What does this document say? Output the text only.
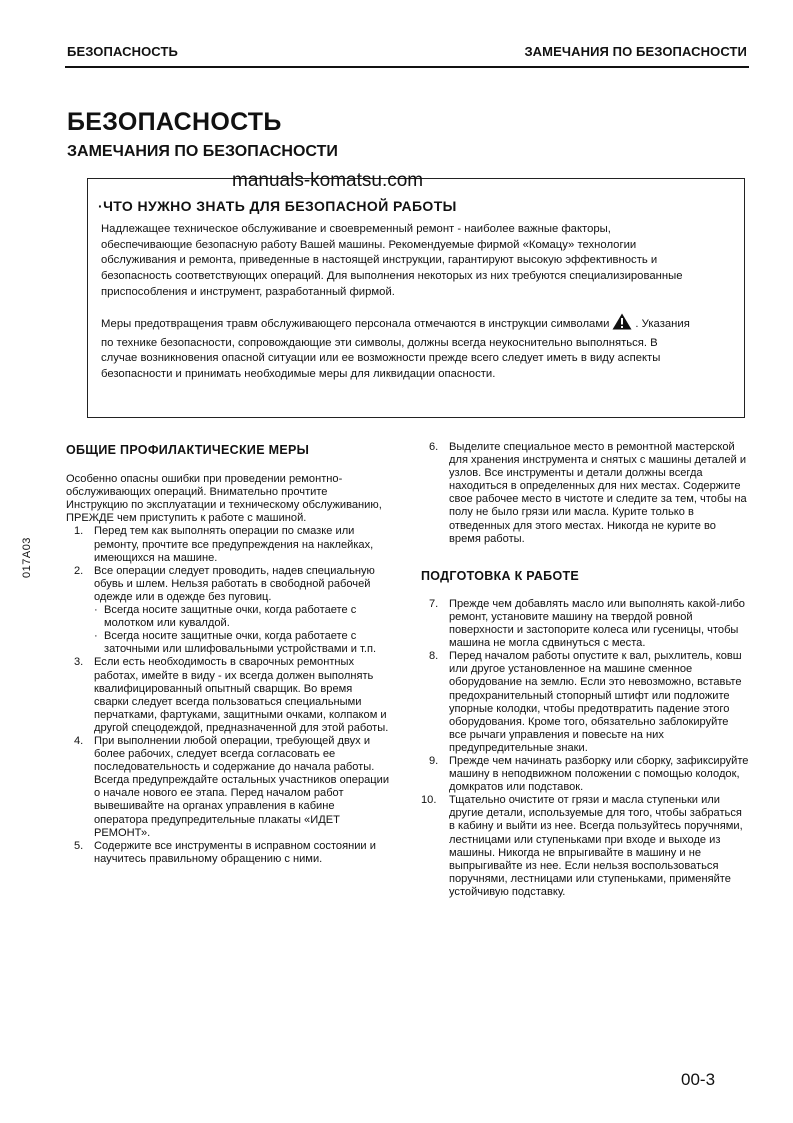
БЕЗОПАСНОСТЬ	ЗАМЕЧАНИЯ ПО БЕЗОПАСНОСТИ
БЕЗОПАСНОСТЬ
ЗАМЕЧАНИЯ ПО БЕЗОПАСНОСТИ
manuals-komatsu.com
·ЧТО НУЖНО ЗНАТЬ ДЛЯ БЕЗОПАСНОЙ РАБОТЫ
Надлежащее техническое обслуживание и своевременный ремонт - наиболее важные факторы, обеспечивающие безопасную работу Вашей машины. Рекомендуемые фирмой «Комацу» технологии обслуживания и ремонта, приведенные в настоящей инструкции, гарантируют высокую эффективность и безопасность соответствующих операций. Для выполнения некоторых из них требуются специализированные приспособления и инструмент, разработанный фирмой.
Меры предотвращения травм обслуживающего персонала отмечаются в инструкции символами . Указания по технике безопасности, сопровождающие эти символы, должны всегда неукоснительно выполняться. В случае возникновения опасной ситуации или ее возможности прежде всего следует иметь в виду аспекты безопасности и принимать необходимые меры для ликвидации опасности.
ОБЩИЕ ПРОФИЛАКТИЧЕСКИЕ МЕРЫ
Особенно опасны ошибки при проведении ремонтно-обслуживающих операций. Внимательно прочтите Инструкцию по эксплуатации и техническому обслуживанию, ПРЕЖДЕ чем приступить к работе с машиной.
1. Перед тем как выполнять операции по смазке или ремонту, прочтите все предупреждения на наклейках, имеющихся на машине.
2. Все операции следует проводить, надев специальную обувь и шлем. Нельзя работать в свободной рабочей одежде или в одежде без пуговиц.
· Всегда носите защитные очки, когда работаете с молотком или кувалдой.
· Всегда носите защитные очки, когда работаете с заточными или шлифовальными устройствами и т.п.
3. Если есть необходимость в сварочных ремонтных работах, имейте в виду - их всегда должен выполнять квалифицированный опытный сварщик. Во время сварки следует всегда пользоваться специальными перчатками, фартуками, защитными очками, колпаком и другой спецодеждой, предназначенной для этой работы.
4. При выполнении любой операции, требующей двух и более рабочих, следует всегда согласовать ее последовательность и содержание до начала работы. Всегда предупреждайте остальных участников операции о начале нового ее этапа. Перед началом работ вывешивайте на органах управления в кабине оператора предупредительные плакаты «ИДЕТ РЕМОНТ».
5. Содержите все инструменты в исправном состоянии и научитесь правильному обращению с ними.
6. Выделите специальное место в ремонтной мастерской для хранения инструмента и снятых с машины деталей и узлов. Все инструменты и детали должны всегда находиться в определенных для них местах. Содержите свое рабочее место в чистоте и следите за тем, чтобы на полу не было грязи или масла. Курите только в отведенных для этого местах. Никогда не курите во время работы.
ПОДГОТОВКА К РАБОТЕ
7. Прежде чем добавлять масло или выполнять какой-либо ремонт, установите машину на твердой ровной поверхности и застопорите колеса или гусеницы, чтобы машина не могла сдвинуться с места.
8. Перед началом работы опустите к вал, рыхлитель, ковш или другое установленное на машине сменное оборудование на землю. Если это невозможно, вставьте предохранительный стопорный штифт или подложите упорные колодки, чтобы предотвратить падение этого оборудования. Кроме того, обязательно заблокируйте все рычаги управления и повесьте на них предупредительные знаки.
9. Прежде чем начинать разборку или сборку, зафиксируйте машину в неподвижном положении с помощью колодок, домкратов или подставок.
10. Тщательно очистите от грязи и масла ступеньки или другие детали, используемые для того, чтобы забраться в кабину и выйти из нее. Всегда пользуйтесь поручнями, лестницами или ступеньками при входе и выходе из машины. Никогда не впрыгивайте в машину и не выпрыгивайте из нее. Если нельзя воспользоваться поручнями, лестницами или ступеньками, применяйте устойчивую подставку.
017A03
00-3
